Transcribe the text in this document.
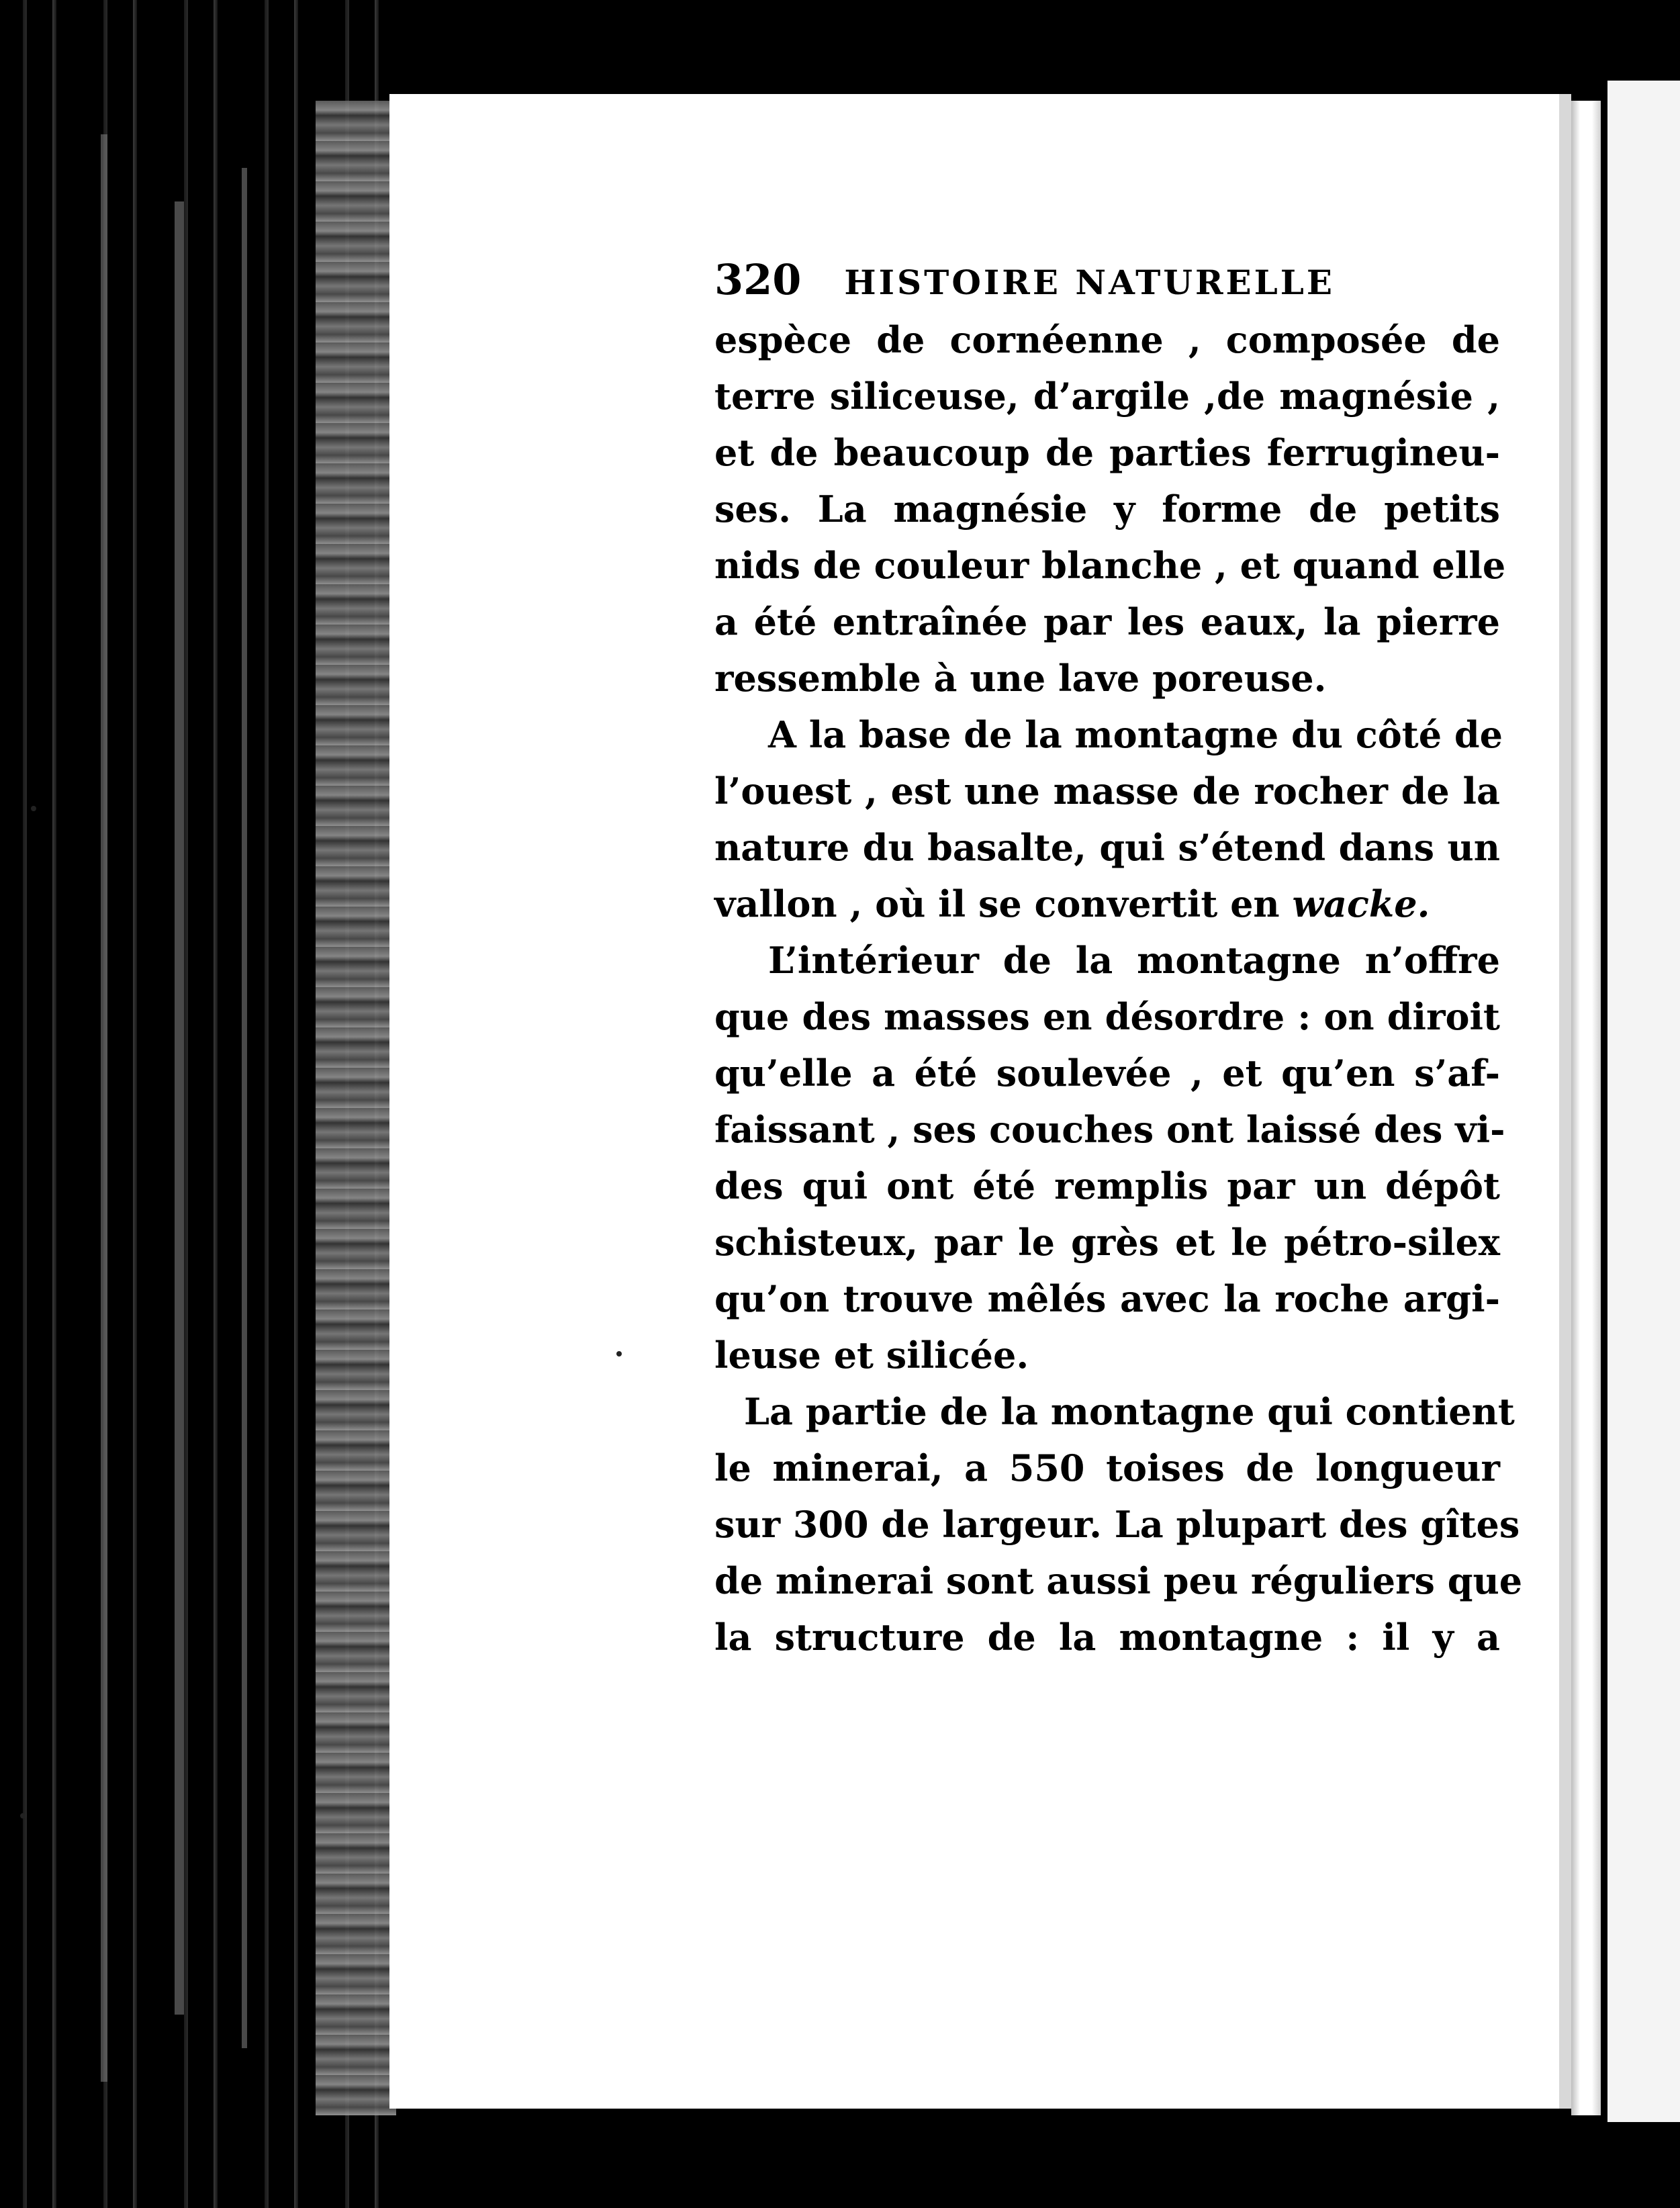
320 HISTOIRE NATURELLE
espèce de cornéenne , composée de
terre siliceuse, d’argile ,de magnésie ,
et de beaucoup de parties ferrugineu-
ses. La magnésie y forme de petits
nids de couleur blanche , et quand elle
a été entraînée par les eaux, la pierre
ressemble à une lave poreuse.
A la base de la montagne du côté de
l’ouest , est une masse de rocher de la
nature du basalte, qui s’étend dans un
vallon , où il se convertit en wacke.
L’intérieur de la montagne n’offre
que des masses en désordre : on diroit
qu’elle a été soulevée , et qu’en s’af-
faissant , ses couches ont laissé des vi-
des qui ont été remplis par un dépôt
schisteux, par le grès et le pétro-silex
qu’on trouve mêlés avec la roche argi-
leuse et silicée.
La partie de la montagne qui contient
le minerai, a 550 toises de longueur
sur 300 de largeur. La plupart des gîtes
de minerai sont aussi peu réguliers que
la structure de la montagne : il y a
